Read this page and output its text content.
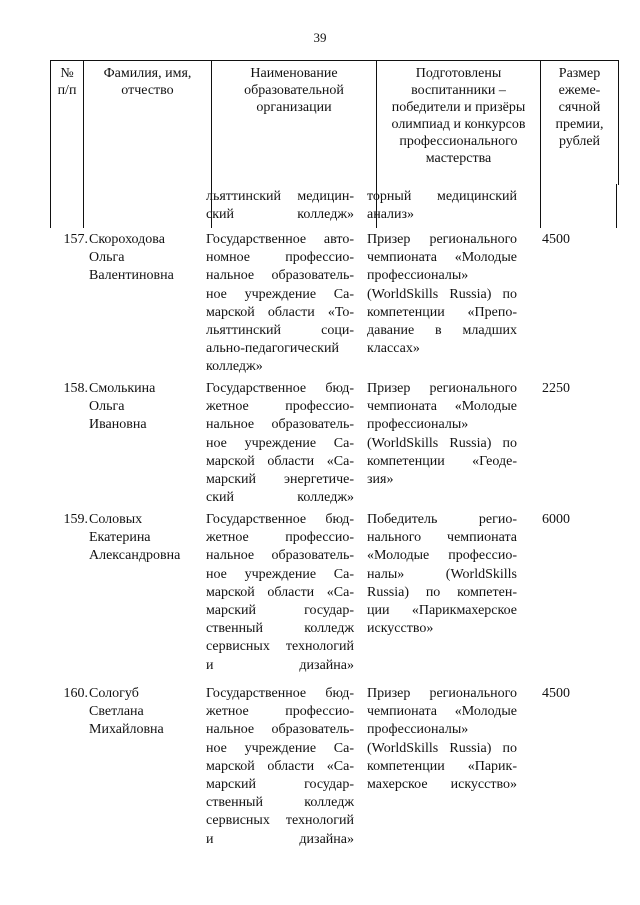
39
№
п/п
Фамилия, имя,
отчество
Наименование
образовательной
организации
Подготовлены
воспитанники –
победители и призёры
олимпиад и конкурсов
профессионального
мастерства
Размер
ежеме-
сячной
премии,
рублей
льяттинский медицин-
ский колледж»
торный медицинский
анализ»
157. Скороходова
Ольга
Валентиновна
Государственное авто-
номное профессио-
нальное образователь-
ное учреждение Са-
марской области «То-
льяттинский соци-
ально-педагогический
колледж»
Призер регионального
чемпионата «Молодые
профессионалы»
(WorldSkills Russia) по
компетенции «Препо-
давание в младших
классах»
4500
158. Смолькина
Ольга
Ивановна
Государственное бюд-
жетное профессио-
нальное образователь-
ное учреждение Са-
марской области «Са-
марский энергетиче-
ский колледж»
Призер регионального
чемпионата «Молодые
профессионалы»
(WorldSkills Russia) по
компетенции «Геоде-
зия»
2250
159. Соловых
Екатерина
Александровна
Государственное бюд-
жетное профессио-
нальное образователь-
ное учреждение Са-
марской области «Са-
марский государ-
ственный колледж
сервисных технологий
и дизайна»
Победитель регио-
нального чемпионата
«Молодые профессио-
налы» (WorldSkills
Russia) по компетен-
ции «Парикмахерское
искусство»
6000
160. Сологуб
Светлана
Михайловна
Государственное бюд-
жетное профессио-
нальное образователь-
ное учреждение Са-
марской области «Са-
марский государ-
ственный колледж
сервисных технологий
и дизайна»
Призер регионального
чемпионата «Молодые
профессионалы»
(WorldSkills Russia) по
компетенции «Парик-
махерское искусство»
4500
